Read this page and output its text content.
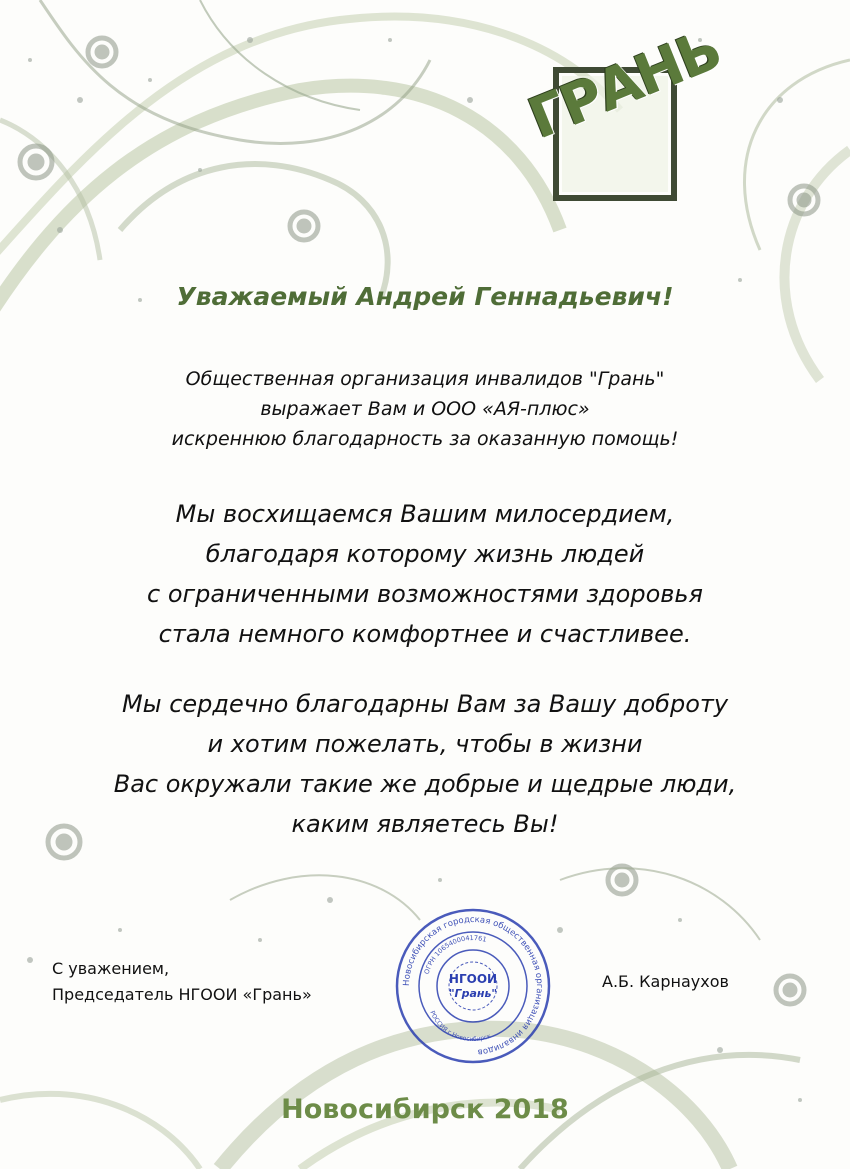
ГРАНЬ
Уважаемый Андрей Геннадьевич!
Общественная организация инвалидов "Грань"
выражает Вам и ООО «АЯ-плюс»
искреннюю благодарность за оказанную помощь!
Мы восхищаемся Вашим милосердием,
благодаря которому жизнь людей
с ограниченными возможностями здоровья
стала немного комфортнее и счастливее.
Мы сердечно благодарны Вам за Вашу доброту
и хотим пожелать, чтобы в жизни
Вас окружали такие же добрые и щедрые люди,
каким являетесь Вы!
С уважением,
Председатель НГООИ «Грань»
А.Б. Карнаухов
Новосибирская городская общественная организация инвалидов
ОГРН 1065400041761
РОССИЯ г.Новосибирск
НГООИ
"Грань"
Новосибирск 2018
